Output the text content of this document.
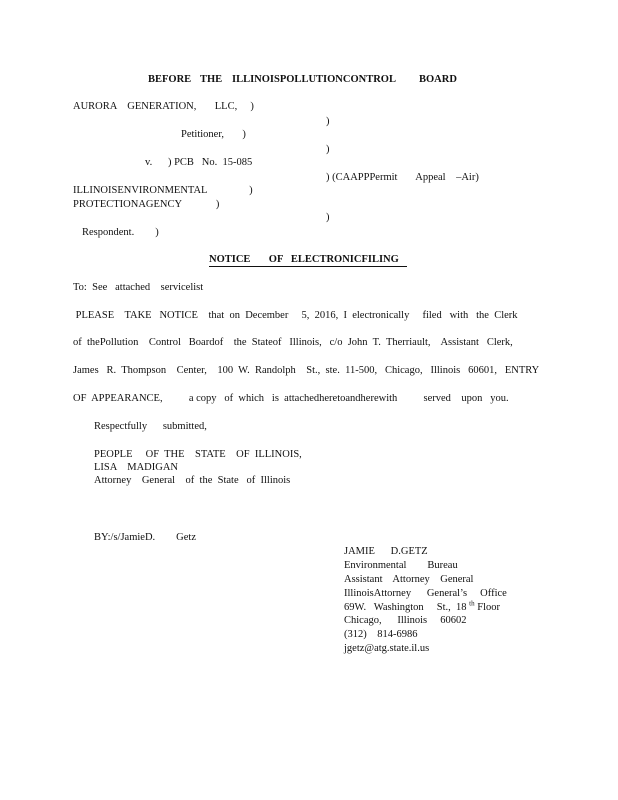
BEFORE THE ILLINOISPOLLUTIONCONTROL BOARD
AURORA    GENERATION,       LLC,     )
)
Petitioner,       )
)
v.      ) PCB   No.  15-085
) (CAAPPPermit       Appeal    –Air)
ILLINOISENVIRONMENTAL                )
PROTECTIONAGENCY             )
)
Respondent.        )
NOTICE       OF   ELECTRONICFILING
To:  See   attached    servicelist
PLEASE    TAKE   NOTICE    that  on  December     5,  2016,  I  electronically     filed   with   the  Clerk
of  thePollution    Control   Boardof    the  Stateof   Illinois,   c/o  John  T.  Therriault,    Assistant   Clerk,
James   R.  Thompson    Center,    100  W.  Randolph    St.,  ste.  11-500,   Chicago,   Illinois   60601,   ENTRY
OF  APPEARANCE,          a copy   of  which   is  attachedheretoandherewith          served    upon   you.
Respectfully      submitted,
PEOPLE     OF  THE    STATE    OF  ILLINOIS,
LISA    MADIGAN
Attorney    General    of  the  State   of  Illinois
BY:/s/JamieD.        Getz
JAMIE      D.GETZ
Environmental        Bureau
Assistant    Attorney    General
IllinoisAttorney      General’s     Office
69W.   Washington     St.,  18 $^{th}$ Floor
Chicago,      Illinois     60602
(312)    814-6986
jgetz@atg.state.il.us
